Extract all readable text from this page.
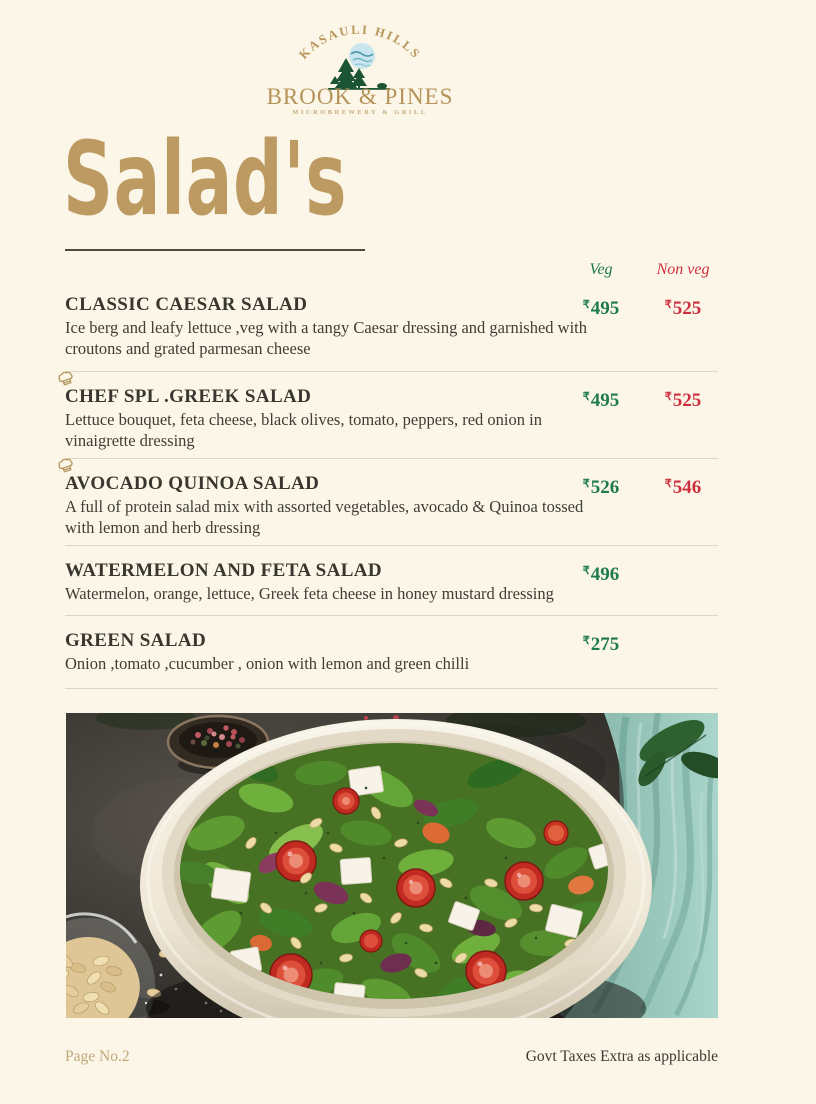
KASAULI HILLS
BROOK & PINES
MICROBREWERY & GRILL
Salad's
Veg	Non veg
CLASSIC CAESAR SALAD

Ice berg and leafy lettuce ,veg with a tangy Caesar dressing and garnished with croutons and grated parmesan cheese

₹495	₹525
CHEF SPL .GREEK SALAD

Lettuce bouquet, feta cheese, black olives, tomato, peppers, red onion in vinaigrette dressing

₹495	₹525
AVOCADO QUINOA SALAD

A full of protein salad mix with assorted vegetables, avocado & Quinoa tossed with lemon and herb dressing

₹526	₹546
WATERMELON AND FETA SALAD

Watermelon, orange, lettuce, Greek feta cheese in honey mustard dressing

₹496
GREEN SALAD

Onion ,tomato ,cucumber , onion with lemon and green chilli

₹275
Page No.2	Govt Taxes Extra as applicable
